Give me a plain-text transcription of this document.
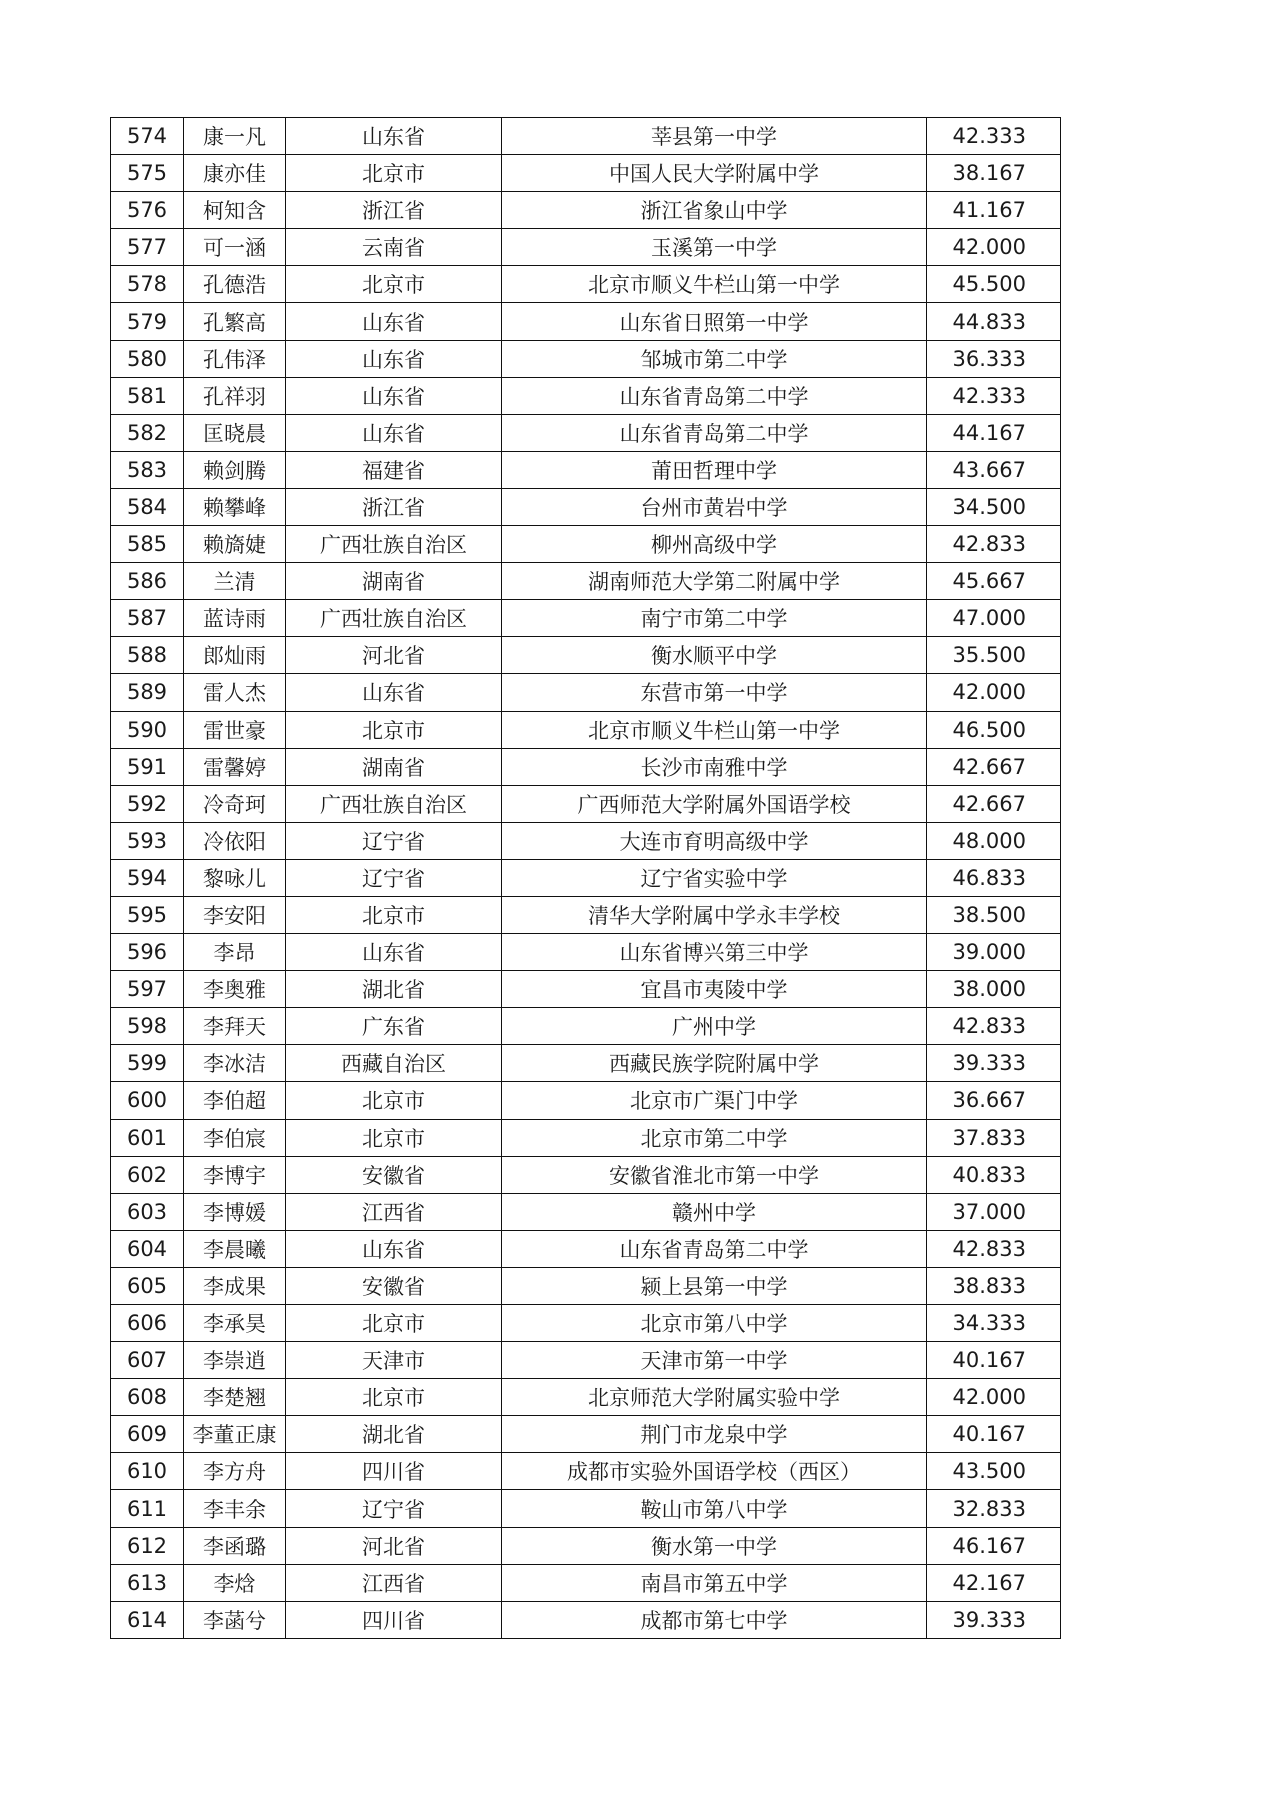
574	康一凡	山东省	莘县第一中学	42.333
575	康亦佳	北京市	中国人民大学附属中学	38.167
576	柯知含	浙江省	浙江省象山中学	41.167
577	可一涵	云南省	玉溪第一中学	42.000
578	孔德浩	北京市	北京市顺义牛栏山第一中学	45.500
579	孔繁高	山东省	山东省日照第一中学	44.833
580	孔伟泽	山东省	邹城市第二中学	36.333
581	孔祥羽	山东省	山东省青岛第二中学	42.333
582	匡晓晨	山东省	山东省青岛第二中学	44.167
583	赖剑腾	福建省	莆田哲理中学	43.667
584	赖攀峰	浙江省	台州市黄岩中学	34.500
585	赖旖婕	广西壮族自治区	柳州高级中学	42.833
586	兰清	湖南省	湖南师范大学第二附属中学	45.667
587	蓝诗雨	广西壮族自治区	南宁市第二中学	47.000
588	郎灿雨	河北省	衡水顺平中学	35.500
589	雷人杰	山东省	东营市第一中学	42.000
590	雷世豪	北京市	北京市顺义牛栏山第一中学	46.500
591	雷馨婷	湖南省	长沙市南雅中学	42.667
592	冷奇珂	广西壮族自治区	广西师范大学附属外国语学校	42.667
593	冷依阳	辽宁省	大连市育明高级中学	48.000
594	黎咏儿	辽宁省	辽宁省实验中学	46.833
595	李安阳	北京市	清华大学附属中学永丰学校	38.500
596	李昂	山东省	山东省博兴第三中学	39.000
597	李奥雅	湖北省	宜昌市夷陵中学	38.000
598	李拜天	广东省	广州中学	42.833
599	李冰洁	西藏自治区	西藏民族学院附属中学	39.333
600	李伯超	北京市	北京市广渠门中学	36.667
601	李伯宸	北京市	北京市第二中学	37.833
602	李博宇	安徽省	安徽省淮北市第一中学	40.833
603	李博媛	江西省	赣州中学	37.000
604	李晨曦	山东省	山东省青岛第二中学	42.833
605	李成果	安徽省	颍上县第一中学	38.833
606	李承昊	北京市	北京市第八中学	34.333
607	李崇逍	天津市	天津市第一中学	40.167
608	李楚翘	北京市	北京师范大学附属实验中学	42.000
609	李董正康	湖北省	荆门市龙泉中学	40.167
610	李方舟	四川省	成都市实验外国语学校（西区）	43.500
611	李丰余	辽宁省	鞍山市第八中学	32.833
612	李函璐	河北省	衡水第一中学	46.167
613	李焓	江西省	南昌市第五中学	42.167
614	李菡兮	四川省	成都市第七中学	39.333
